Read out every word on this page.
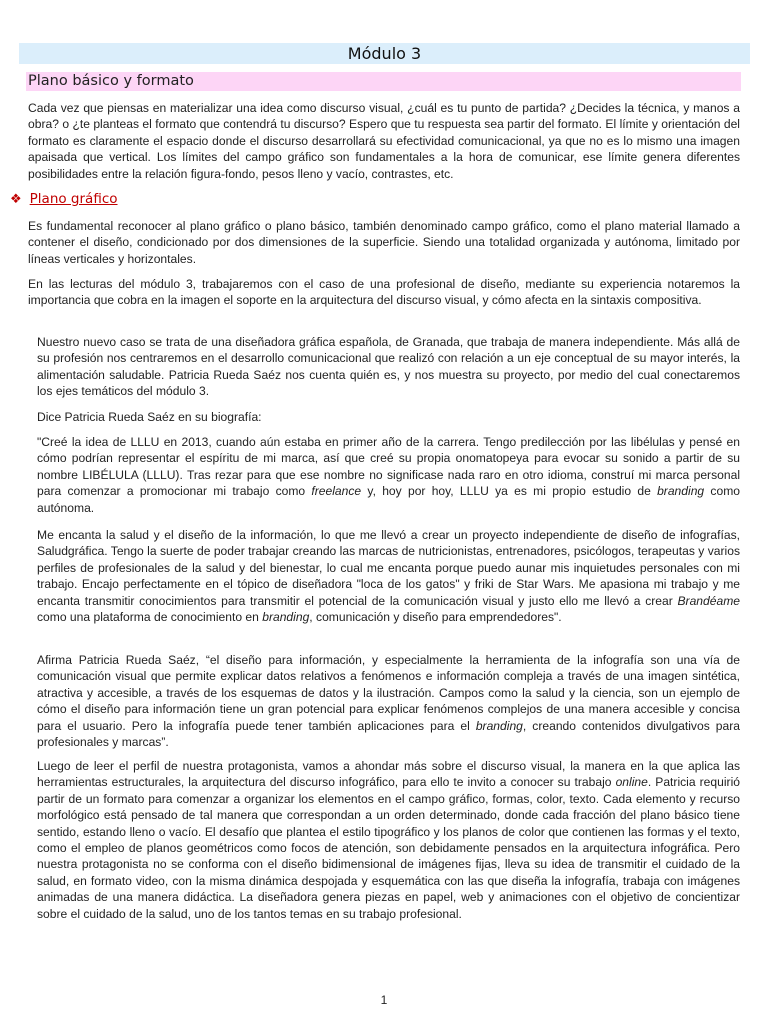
Módulo 3
Plano básico y formato

Cada vez que piensas en materializar una idea como discurso visual, ¿cuál es tu punto de partida? ¿Decides la técnica, y manos a obra? o ¿te planteas el formato que contendrá tu discurso? Espero que tu respuesta sea partir del formato. El límite y orientación del formato es claramente el espacio donde el discurso desarrollará su efectividad comunicacional, ya que no es lo mismo una imagen apaisada que vertical. Los límites del campo gráfico son fundamentales a la hora de comunicar, ese límite genera diferentes posibilidades entre la relación figura-fondo, pesos lleno y vacío, contrastes, etc.

❖ Plano gráfico

Es fundamental reconocer al plano gráfico o plano básico, también denominado campo gráfico, como el plano material llamado a contener el diseño, condicionado por dos dimensiones de la superficie. Siendo una totalidad organizada y autónoma, limitado por líneas verticales y horizontales.

En las lecturas del módulo 3, trabajaremos con el caso de una profesional de diseño, mediante su experiencia notaremos la importancia que cobra en la imagen el soporte en la arquitectura del discurso visual, y cómo afecta en la sintaxis compositiva.

Nuestro nuevo caso se trata de una diseñadora gráfica española, de Granada, que trabaja de manera independiente. Más allá de su profesión nos centraremos en el desarrollo comunicacional que realizó con relación a un eje conceptual de su mayor interés, la alimentación saludable. Patricia Rueda Saéz nos cuenta quién es, y nos muestra su proyecto, por medio del cual conectaremos los ejes temáticos del módulo 3.

Dice Patricia Rueda Saéz en su biografía:

"Creé la idea de LLLU en 2013, cuando aún estaba en primer año de la carrera. Tengo predilección por las libélulas y pensé en cómo podrían representar el espíritu de mi marca, así que creé su propia onomatopeya para evocar su sonido a partir de su nombre LIBÉLULA (LLLU). Tras rezar para que ese nombre no significase nada raro en otro idioma, construí mi marca personal para comenzar a promocionar mi trabajo como freelance y, hoy por hoy, LLLU ya es mi propio estudio de branding como autónoma.

Me encanta la salud y el diseño de la información, lo que me llevó a crear un proyecto independiente de diseño de infografías, Saludgráfica. Tengo la suerte de poder trabajar creando las marcas de nutricionistas, entrenadores, psicólogos, terapeutas y varios perfiles de profesionales de la salud y del bienestar, lo cual me encanta porque puedo aunar mis inquietudes personales con mi trabajo. Encajo perfectamente en el tópico de diseñadora "loca de los gatos" y friki de Star Wars. Me apasiona mi trabajo y me encanta transmitir conocimientos para transmitir el potencial de la comunicación visual y justo ello me llevó a crear Brandéame como una plataforma de conocimiento en branding, comunicación y diseño para emprendedores".

Afirma Patricia Rueda Saéz, “el diseño para información, y especialmente la herramienta de la infografía son una vía de comunicación visual que permite explicar datos relativos a fenómenos e información compleja a través de una imagen sintética, atractiva y accesible, a través de los esquemas de datos y la ilustración. Campos como la salud y la ciencia, son un ejemplo de cómo el diseño para información tiene un gran potencial para explicar fenómenos complejos de una manera accesible y concisa para el usuario. Pero la infografía puede tener también aplicaciones para el branding, creando contenidos divulgativos para profesionales y marcas”.

Luego de leer el perfil de nuestra protagonista, vamos a ahondar más sobre el discurso visual, la manera en la que aplica las herramientas estructurales, la arquitectura del discurso infográfico, para ello te invito a conocer su trabajo online. Patricia requirió partir de un formato para comenzar a organizar los elementos en el campo gráfico, formas, color, texto. Cada elemento y recurso morfológico está pensado de tal manera que correspondan a un orden determinado, donde cada fracción del plano básico tiene sentido, estando lleno o vacío. El desafío que plantea el estilo tipográfico y los planos de color que contienen las formas y el texto, como el empleo de planos geométricos como focos de atención, son debidamente pensados en la arquitectura infográfica. Pero nuestra protagonista no se conforma con el diseño bidimensional de imágenes fijas, lleva su idea de transmitir el cuidado de la salud, en formato video, con la misma dinámica despojada y esquemática con las que diseña la infografía, trabaja con imágenes animadas de una manera didáctica. La diseñadora genera piezas en papel, web y animaciones con el objetivo de concientizar sobre el cuidado de la salud, uno de los tantos temas en su trabajo profesional.

1
